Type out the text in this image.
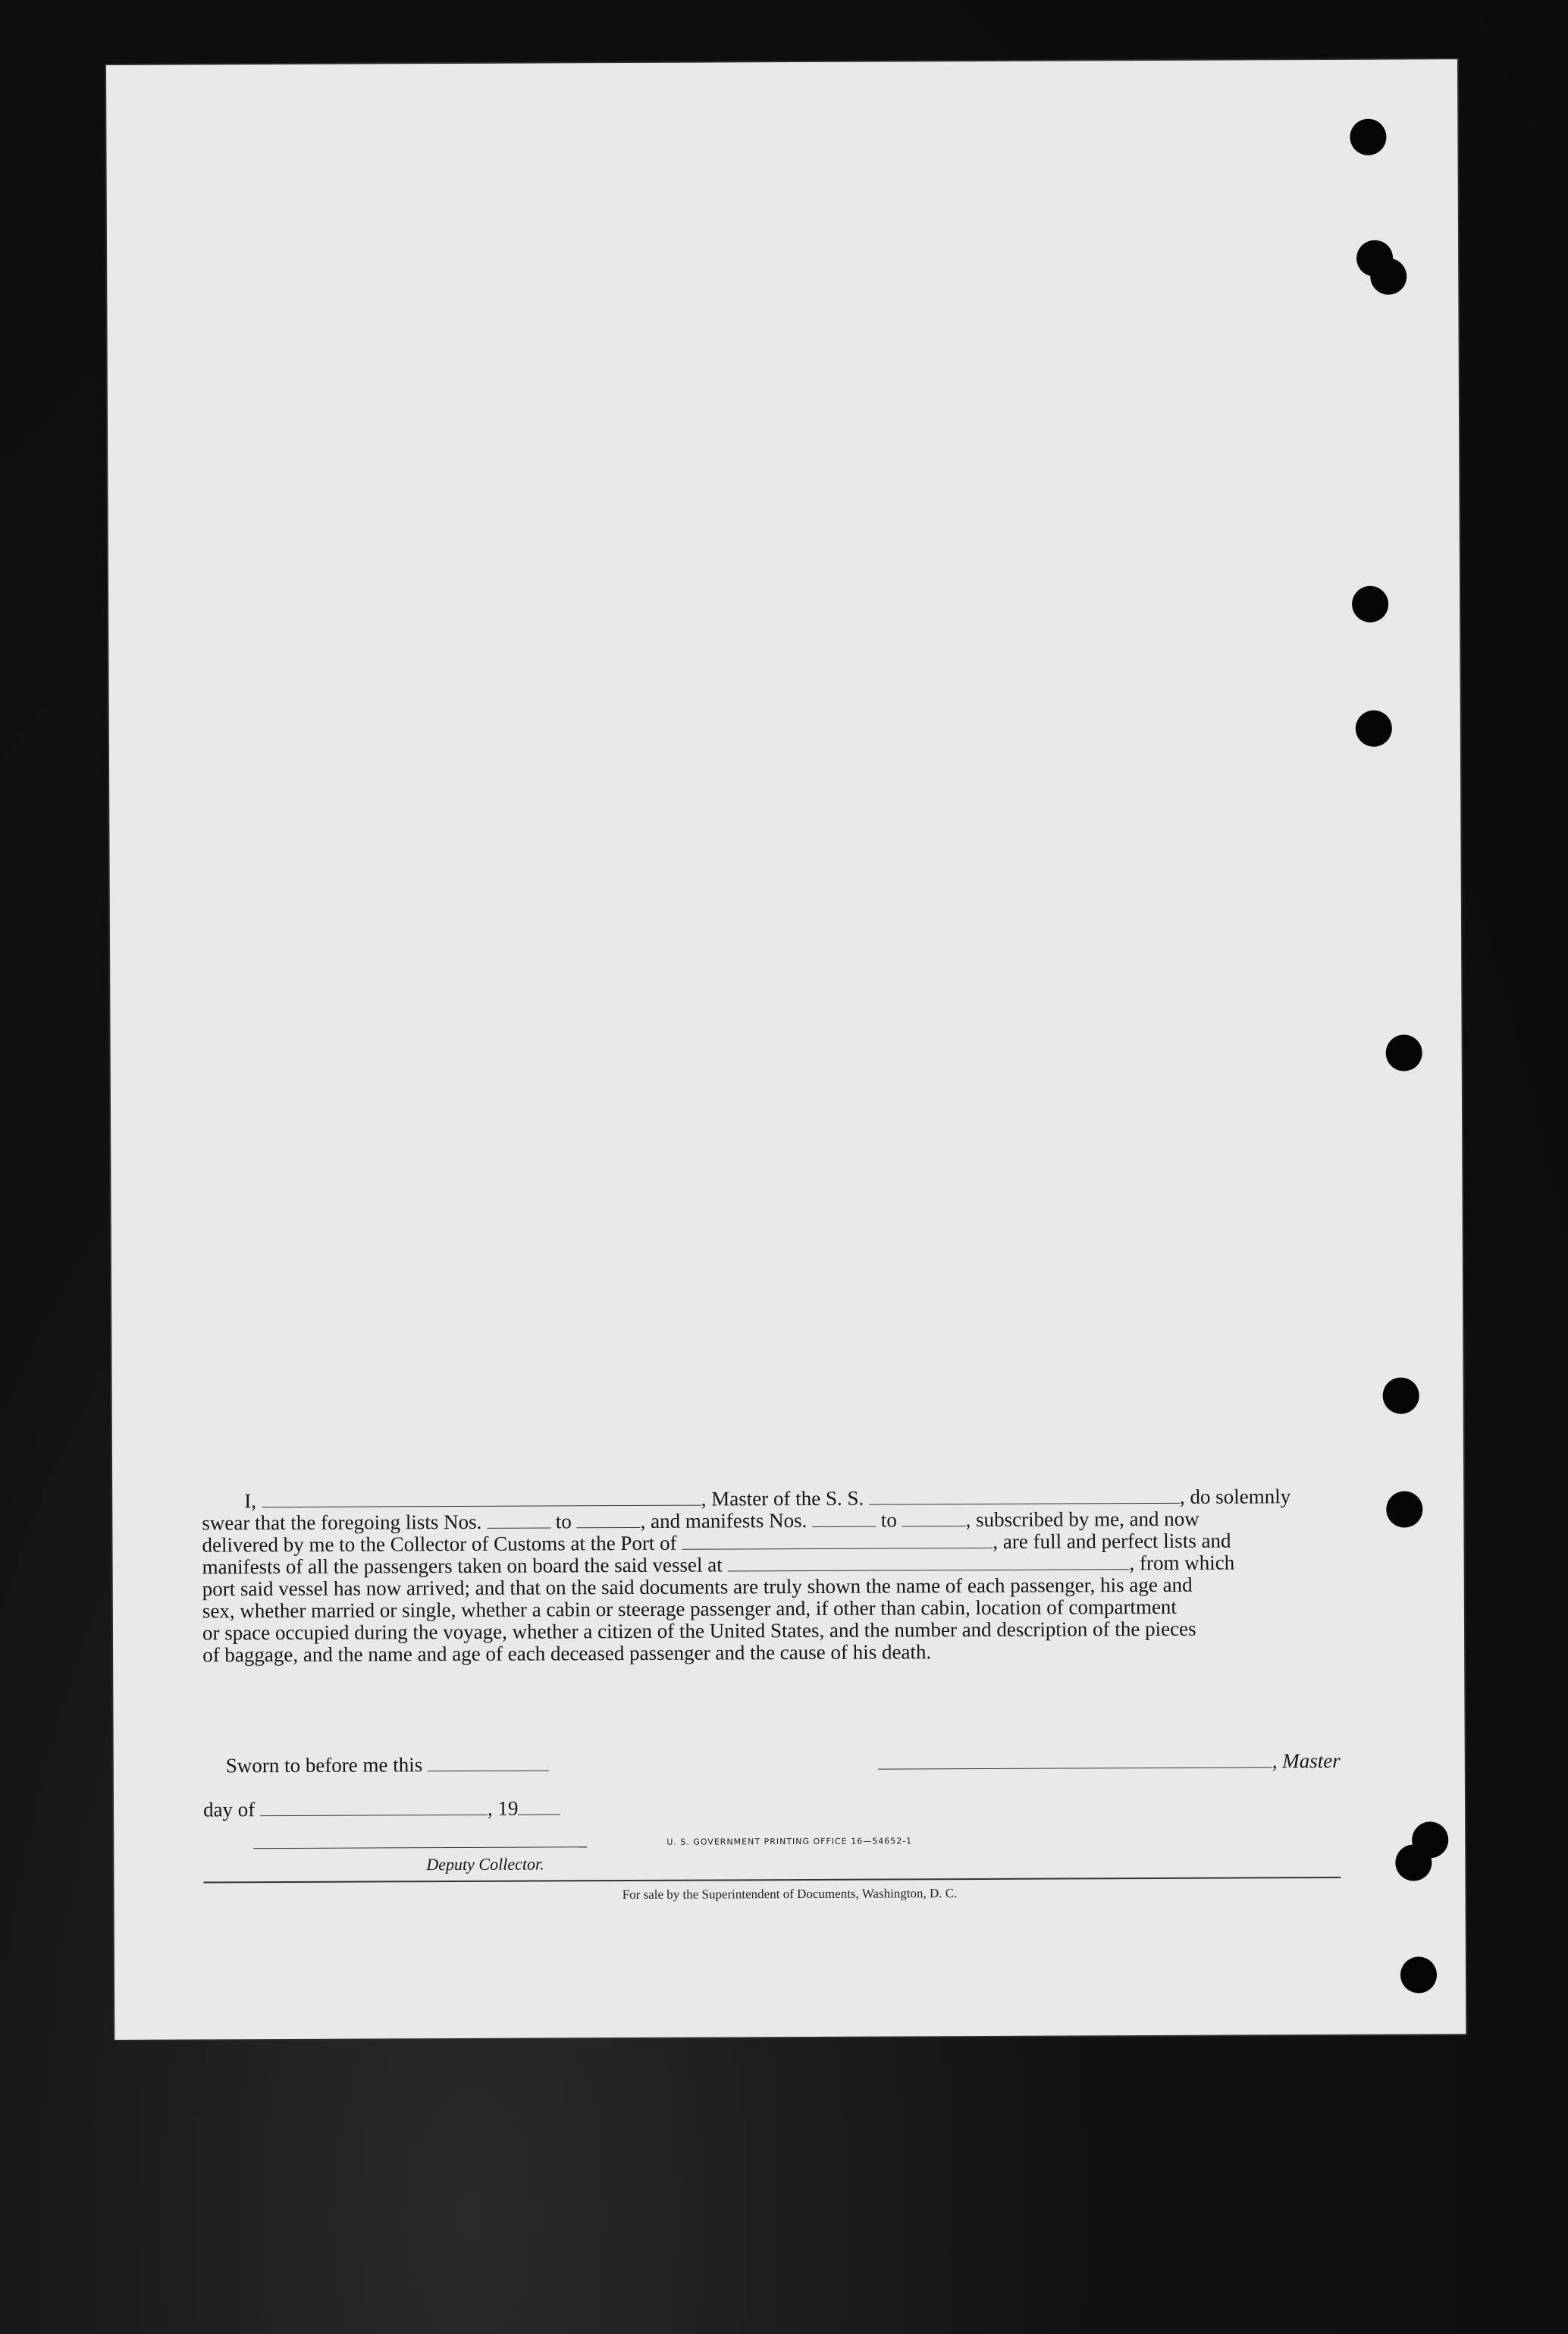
I,	, Master of the S. S.	, do solemnly
swear that the foregoing lists Nos.	to	, and manifests Nos.	to	, subscribed by me, and now
delivered by me to the Collector of Customs at the Port of	, are full and perfect lists and
manifests of all the passengers taken on board the said vessel at	, from which
port said vessel has now arrived; and that on the said documents are truly shown the name of each passenger, his age and
sex, whether married or single, whether a cabin or steerage passenger and, if other than cabin, location of compartment
or space occupied during the voyage, whether a citizen of the United States, and the number and description of the pieces
of baggage, and the name and age of each deceased passenger and the cause of his death.
Sworn to before me this	, Master
day of	, 19
Deputy Collector.
U. S. GOVERNMENT PRINTING OFFICE 16—54652-1
For sale by the Superintendent of Documents, Washington, D. C.
